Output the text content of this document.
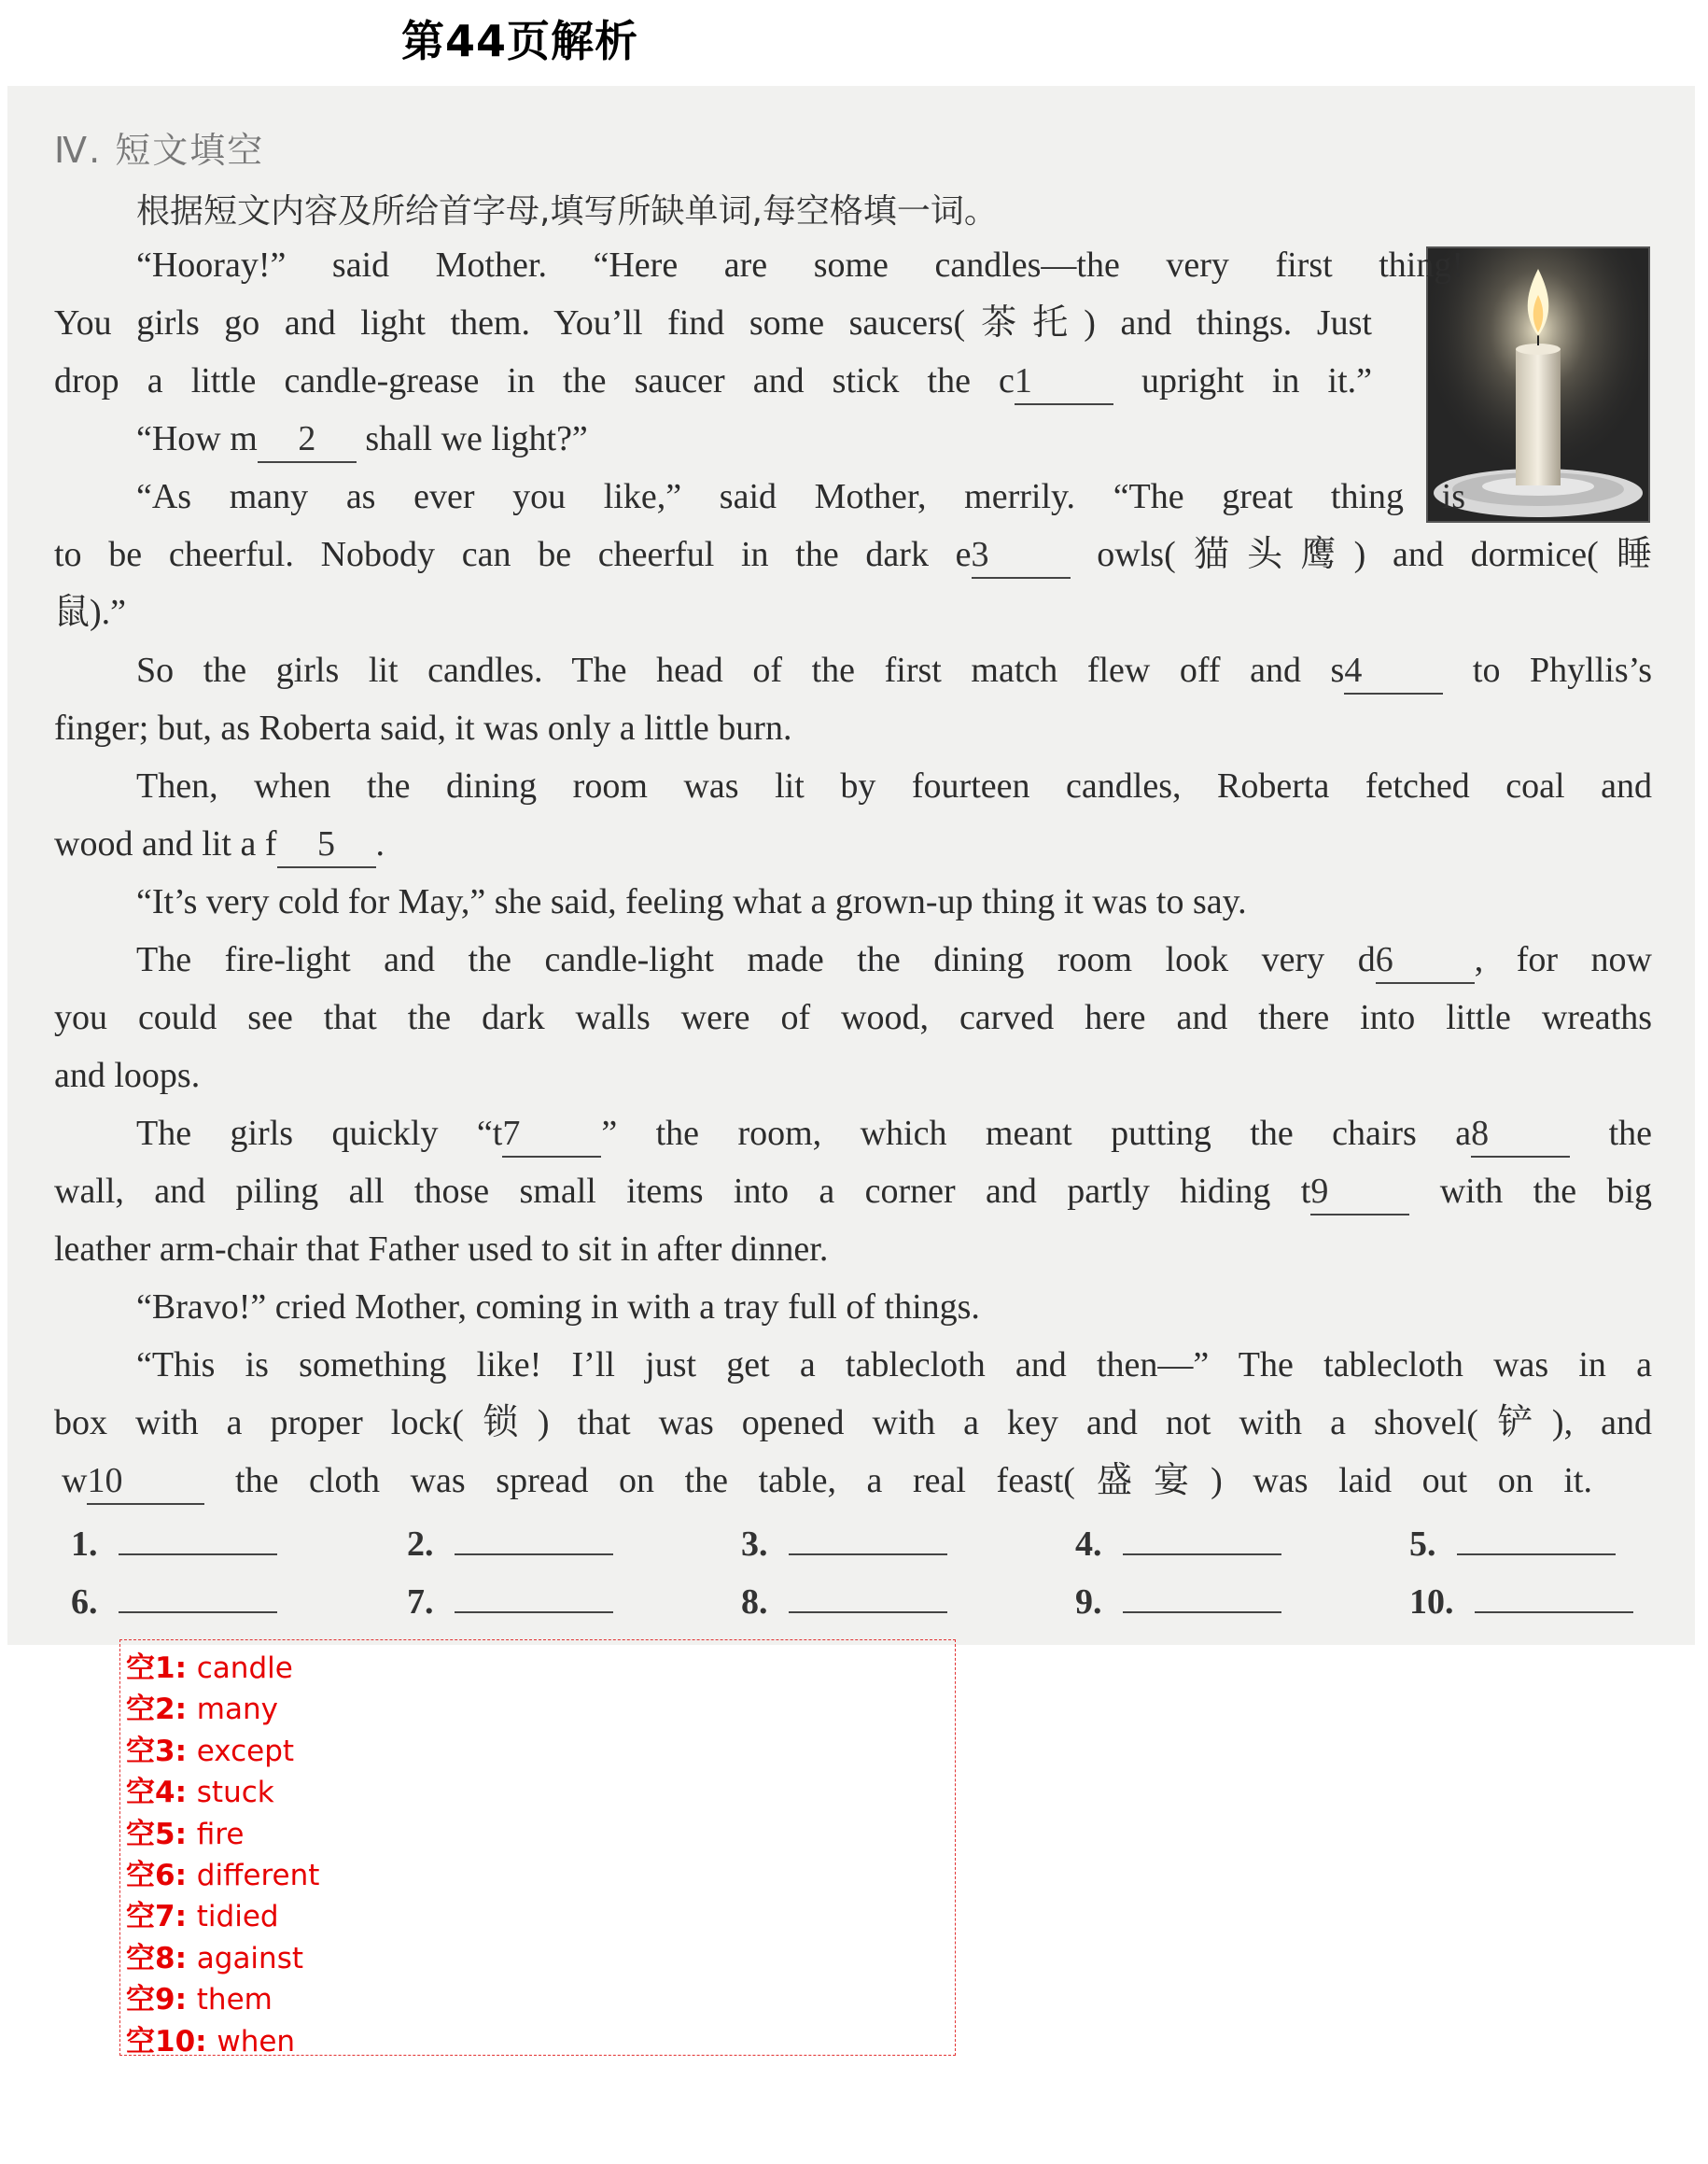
第44页解析
Ⅳ. 短文填空
根据短文内容及所给首字母,填写所缺单词,每空格填一词。
“Hooray!” said Mother. “Here are some candles—the very first thing!
You girls go and light them. You’ll find some saucers(茶托) and things. Just
drop a little candle-grease in the saucer and stick the c1 upright in it.”
“How m 2 shall we light?”
“As many as ever you like,” said Mother, merrily. “The great thing is
to be cheerful. Nobody can be cheerful in the dark e3 owls(猫头鹰) and dormice(睡
鼠).”
So the girls lit candles. The head of the first match flew off and s4 to Phyllis’s
finger; but, as Roberta said, it was only a little burn.
Then, when the dining room was lit by fourteen candles, Roberta fetched coal and
wood and lit a f 5 .
“It’s very cold for May,” she said, feeling what a grown-up thing it was to say.
The fire-light and the candle-light made the dining room look very d6 , for now
you could see that the dark walls were of wood, carved here and there into little wreaths
and loops.
The girls quickly “t7 ” the room, which meant putting the chairs a8 the
wall, and piling all those small items into a corner and partly hiding t9 with the big
leather arm-chair that Father used to sit in after dinner.
“Bravo!” cried Mother, coming in with a tray full of things.
“This is something like! I’ll just get a tablecloth and then—” The tablecloth was in a
box with a proper lock(锁) that was opened with a key and not with a shovel(铲), and
w10 the cloth was spread on the table, a real feast(盛宴) was laid out on it.
1.	2.	3.	4.	5.
6.	7.	8.	9.	10.
空1: candle
空2: many
空3: except
空4: stuck
空5: fire
空6: different
空7: tidied
空8: against
空9: them
空10: when
